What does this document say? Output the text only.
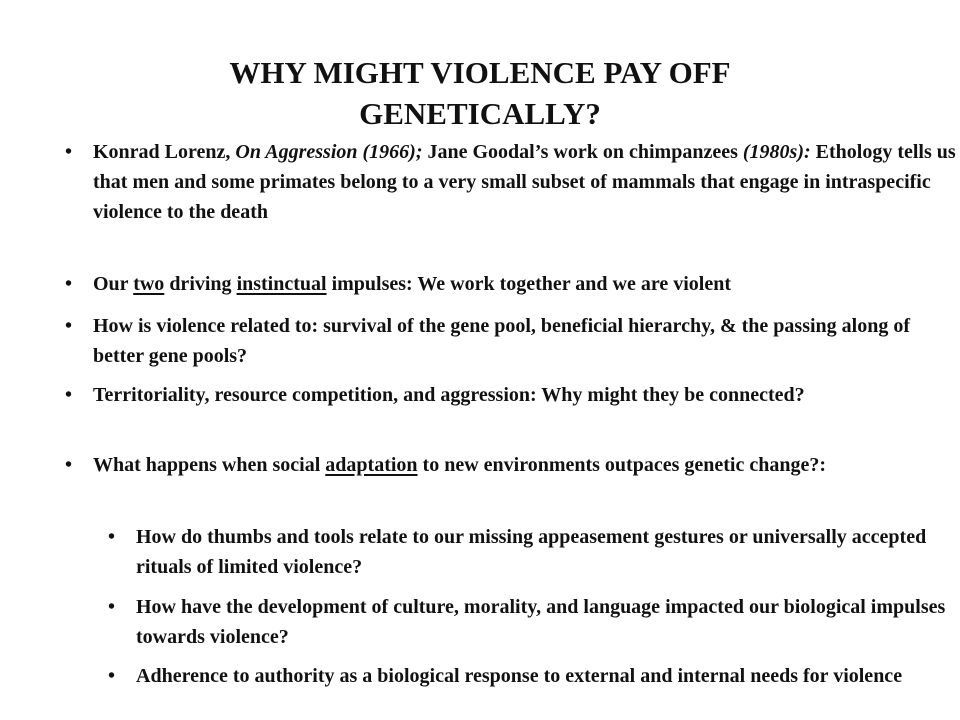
WHY MIGHT VIOLENCE PAY OFF
GENETICALLY?
• Konrad Lorenz, On Aggression (1966); Jane Goodal’s work on chimpanzees (1980s): Ethology tells us that men and some primates belong to a very small subset of mammals that engage in intraspecific violence to the death
• Our two driving instinctual impulses: We work together and we are violent
• How is violence related to: survival of the gene pool, beneficial hierarchy, & the passing along of better gene pools?
• Territoriality, resource competition, and aggression: Why might they be connected?
• What happens when social adaptation to new environments outpaces genetic change?:
• How do thumbs and tools relate to our missing appeasement gestures or universally accepted rituals of limited violence?
• How have the development of culture, morality, and language impacted our biological impulses towards violence?
• Adherence to authority as a biological response to external and internal needs for violence
